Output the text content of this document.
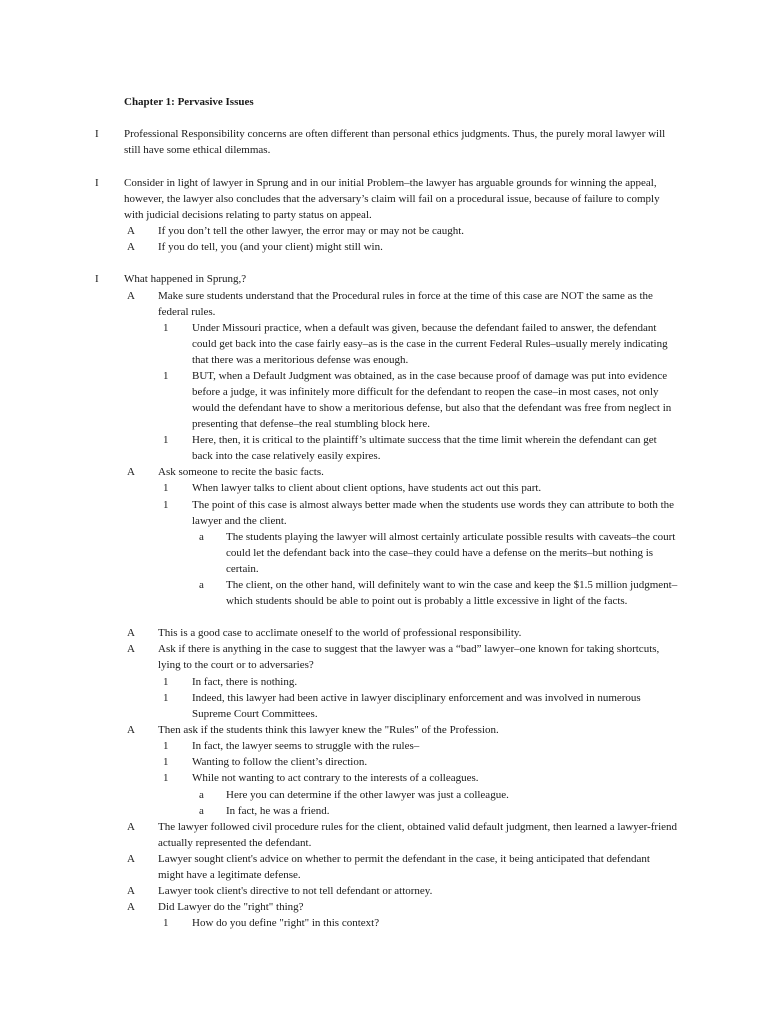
Chapter 1: Pervasive Issues
I Professional Responsibility concerns are often different than personal ethics judgments. Thus, the purely moral lawyer will still have some ethical dilemmas.
I Consider in light of lawyer in Sprung and in our initial Problem–the lawyer has arguable grounds for winning the appeal, however, the lawyer also concludes that the adversary’s claim will fail on a procedural issue, because of failure to comply with judicial decisions relating to party status on appeal.
A If you don’t tell the other lawyer, the error may or may not be caught.
A If you do tell, you (and your client) might still win.
I What happened in Sprung,?
A Make sure students understand that the Procedural rules in force at the time of this case are NOT the same as the federal rules.
1 Under Missouri practice, when a default was given, because the defendant failed to answer, the defendant could get back into the case fairly easy–as is the case in the current Federal Rules–usually merely indicating that there was a meritorious defense was enough.
1 BUT, when a Default Judgment was obtained, as in the case because proof of damage was put into evidence before a judge, it was infinitely more difficult for the defendant to reopen the case–in most cases, not only would the defendant have to show a meritorious defense, but also that the defendant was free from neglect in presenting that defense–the real stumbling block here.
1 Here, then, it is critical to the plaintiff’s ultimate success that the time limit wherein the defendant can get back into the case relatively easily expires.
A Ask someone to recite the basic facts.
1 When lawyer talks to client about client options, have students act out this part.
1 The point of this case is almost always better made when the students use words they can attribute to both the lawyer and the client.
a The students playing the lawyer will almost certainly articulate possible results with caveats–the court could let the defendant back into the case–they could have a defense on the merits–but nothing is certain.
a The client, on the other hand, will definitely want to win the case and keep the $1.5 million judgment–which students should be able to point out is probably a little excessive in light of the facts.
A This is a good case to acclimate oneself to the world of professional responsibility.
A Ask if there is anything in the case to suggest that the lawyer was a “bad” lawyer–one known for taking shortcuts, lying to the court or to adversaries?
1 In fact, there is nothing.
1 Indeed, this lawyer had been active in lawyer disciplinary enforcement and was involved in numerous Supreme Court Committees.
A Then ask if the students think this lawyer knew the "Rules" of the Profession.
1 In fact, the lawyer seems to struggle with the rules–
1 Wanting to follow the client’s direction.
1 While not wanting to act contrary to the interests of a colleagues.
a Here you can determine if the other lawyer was just a colleague.
a In fact, he was a friend.
A The lawyer followed civil procedure rules for the client, obtained valid default judgment, then learned a lawyer-friend actually represented the defendant.
A Lawyer sought client's advice on whether to permit the defendant in the case, it being anticipated that defendant might have a legitimate defense.
A Lawyer took client's directive to not tell defendant or attorney.
A Did Lawyer do the "right" thing?
1 How do you define "right" in this context?
